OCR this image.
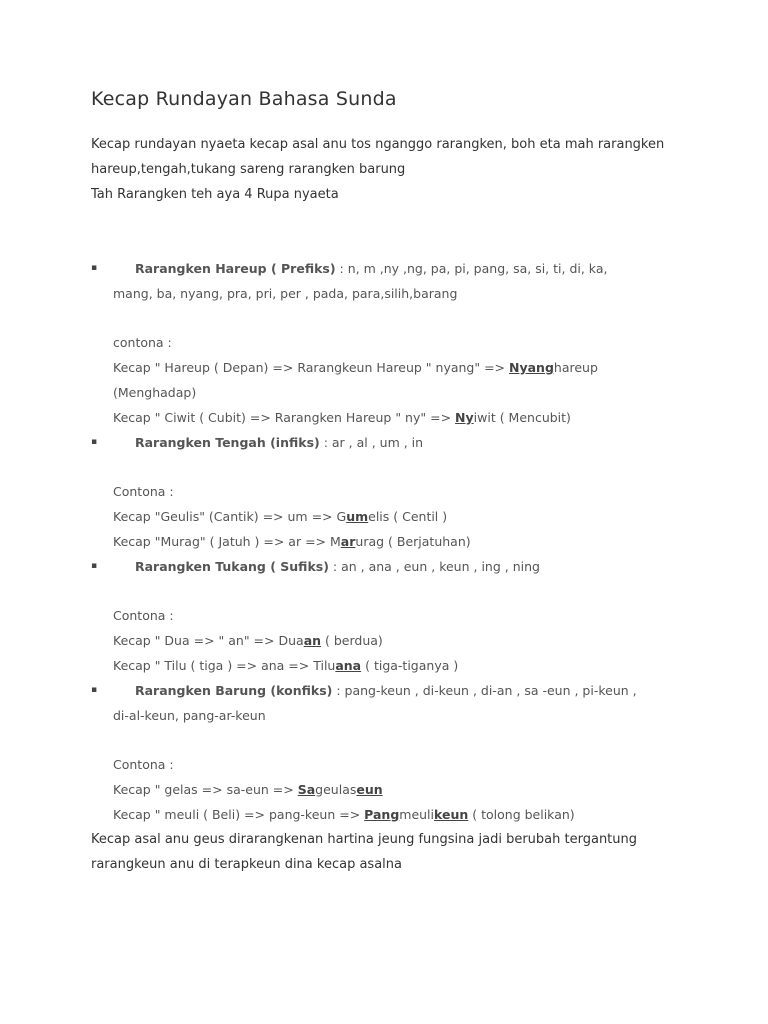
Kecap Rundayan Bahasa Sunda
Kecap rundayan nyaeta kecap asal anu tos nganggo rarangken, boh eta mah rarangken
hareup,tengah,tukang sareng rarangken barung
Tah Rarangken teh aya 4 Rupa nyaeta
▪	Rarangken Hareup ( Prefiks) : n, m ,ny ,ng, pa, pi, pang, sa, si, ti, di, ka,
mang, ba, nyang, pra, pri, per , pada, para,silih,barang
contona :
Kecap " Hareup ( Depan) => Rarangkeun Hareup " nyang" => Nyanghareup
(Menghadap)
Kecap " Ciwit ( Cubit) => Rarangken Hareup " ny" => Nyiwit ( Mencubit)
▪	Rarangken Tengah (infiks) : ar , al , um , in
Contona :
Kecap "Geulis" (Cantik) => um => Gumelis ( Centil )
Kecap "Murag" ( Jatuh ) => ar => Marurag ( Berjatuhan)
▪	Rarangken Tukang ( Sufiks) : an , ana , eun , keun , ing , ning
Contona :
Kecap " Dua => " an" => Duaan ( berdua)
Kecap " Tilu ( tiga ) => ana => Tiluana ( tiga-tiganya )
▪	Rarangken Barung (konfiks) : pang-keun , di-keun , di-an , sa -eun , pi-keun ,
di-al-keun, pang-ar-keun
Contona :
Kecap " gelas => sa-eun => Sageulaseun
Kecap " meuli ( Beli) => pang-keun => Pangmeulikeun ( tolong belikan)
Kecap asal anu geus dirarangkenan hartina jeung fungsina jadi berubah tergantung
rarangkeun anu di terapkeun dina kecap asalna
